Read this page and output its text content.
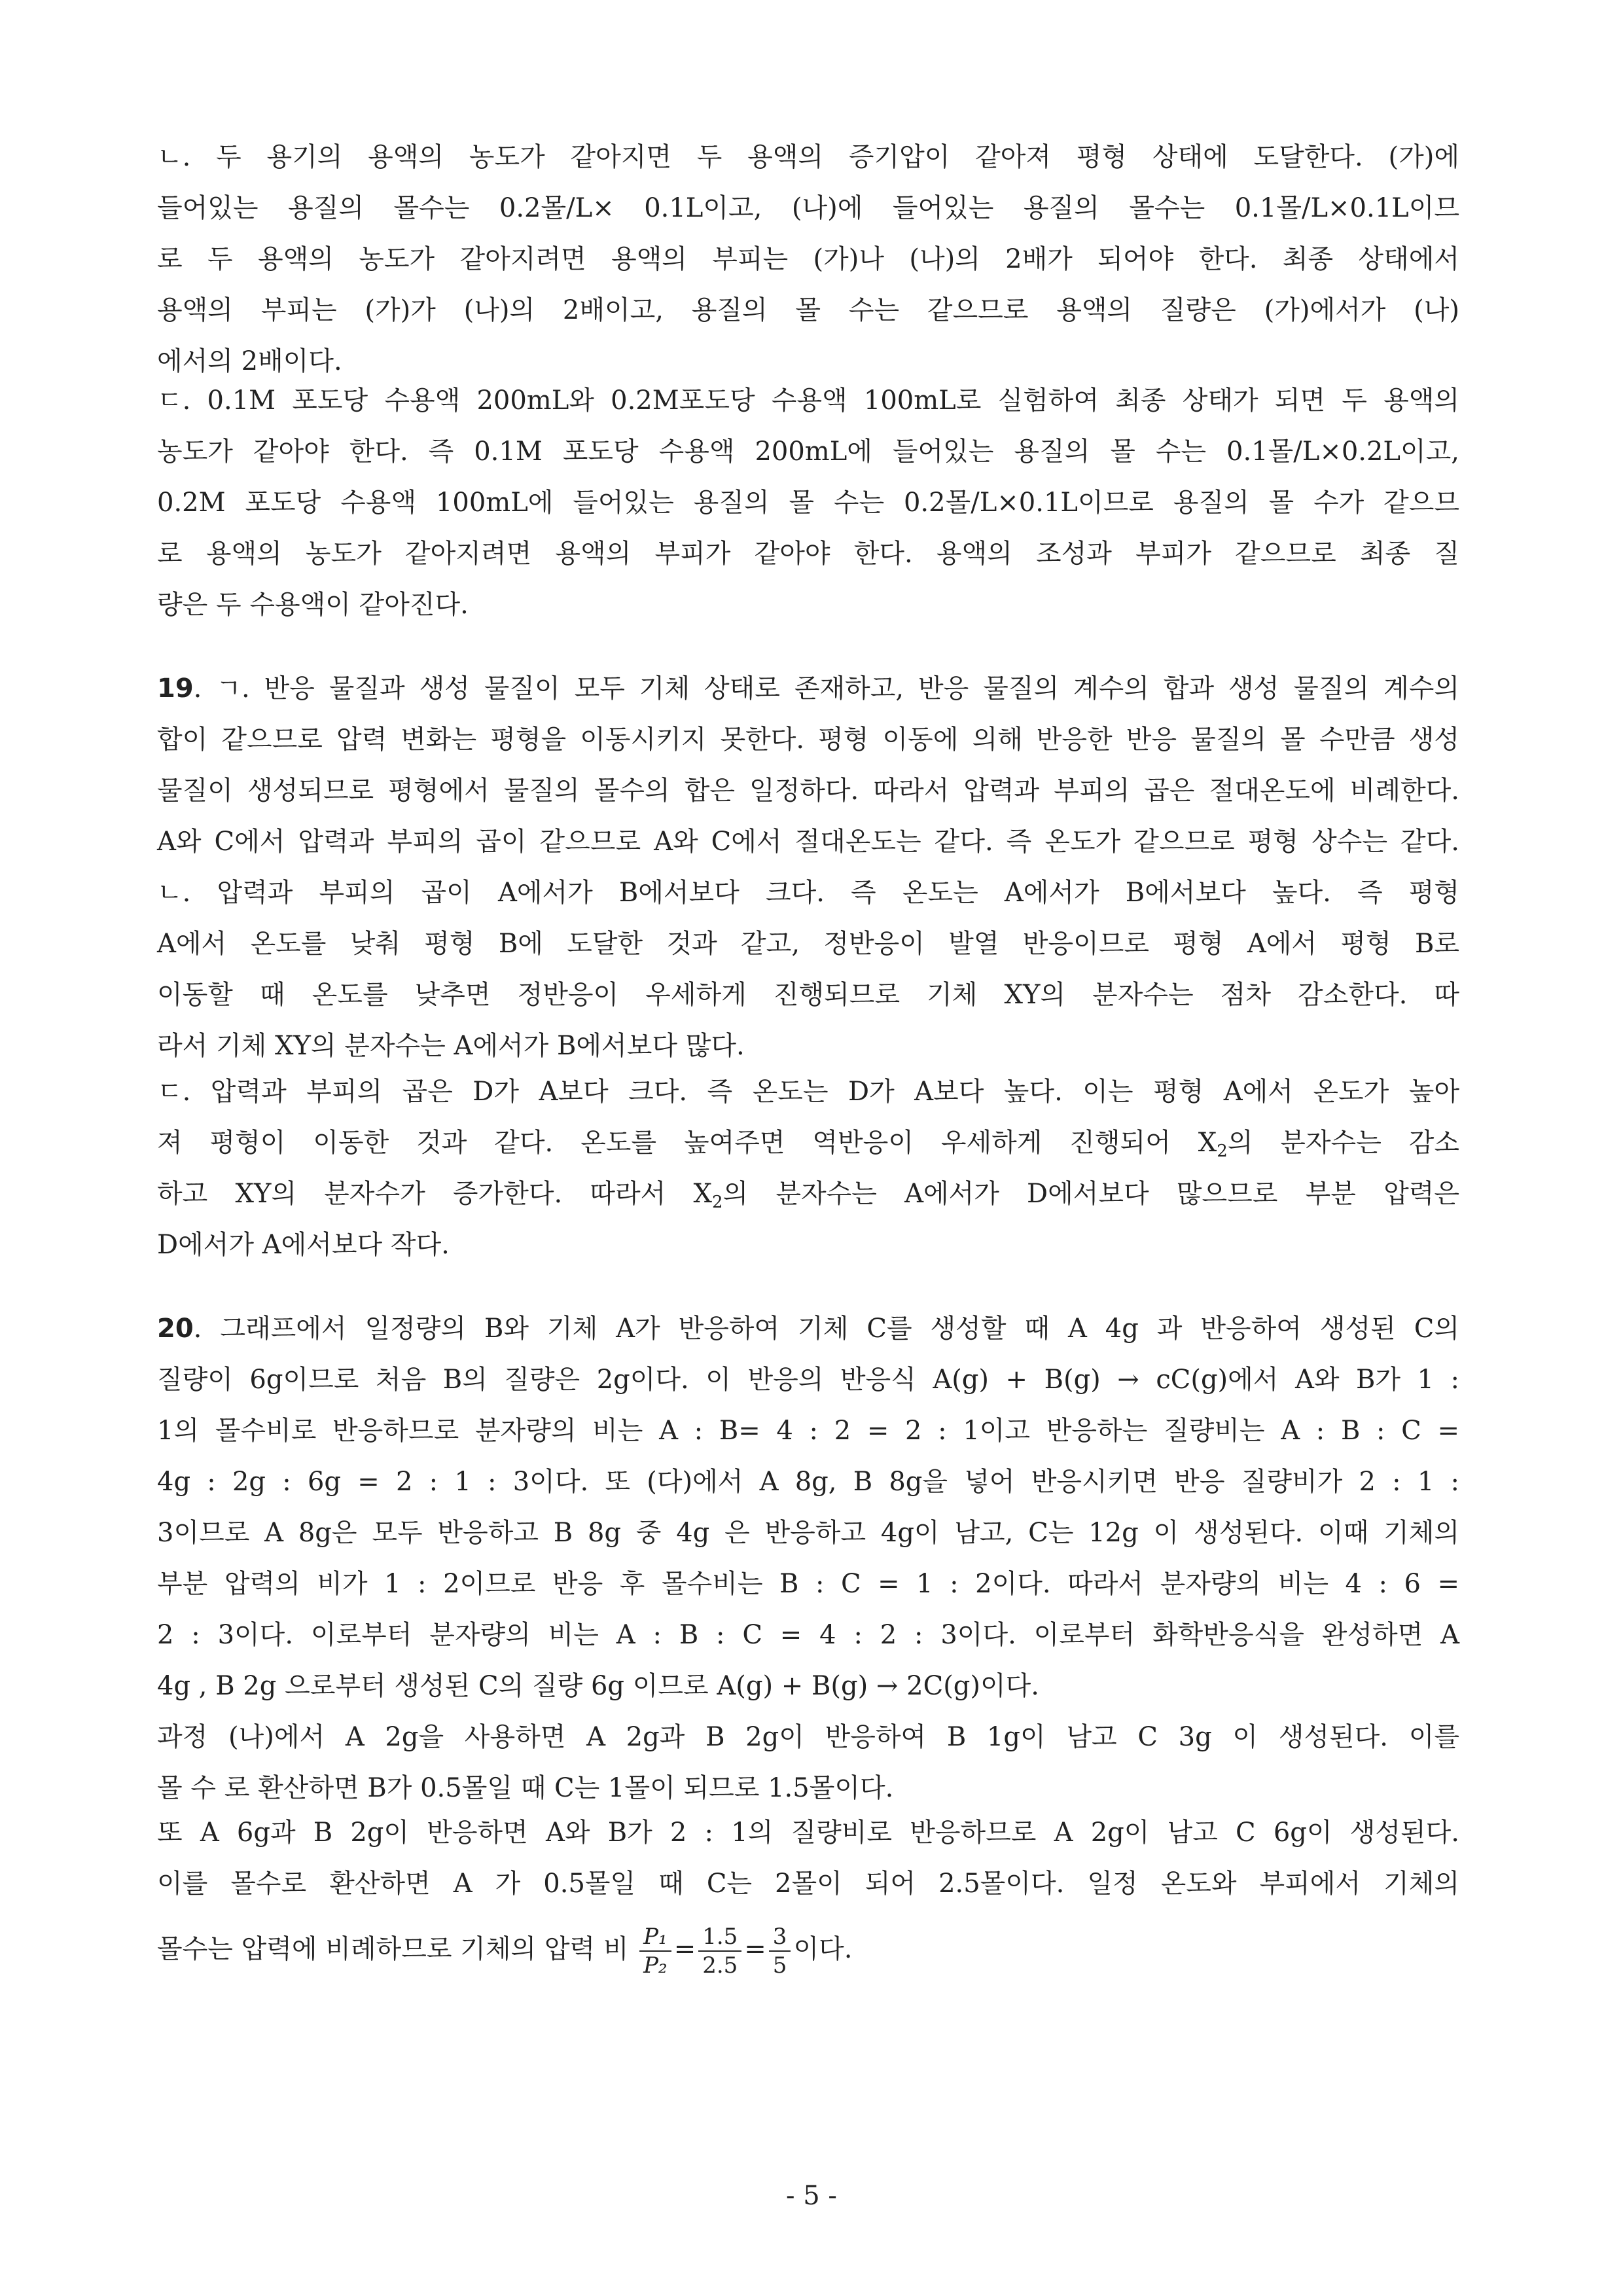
ㄴ. 두 용기의 용액의 농도가 같아지면 두 용액의 증기압이 같아져 평형 상태에 도달한다. (가)에
들어있는 용질의 몰수는 0.2몰/L× 0.1L이고, (나)에 들어있는 용질의 몰수는 0.1몰/L×0.1L이므
로 두 용액의 농도가 같아지려면 용액의 부피는 (가)나 (나)의 2배가 되어야 한다. 최종 상태에서
용액의 부피는 (가)가 (나)의 2배이고, 용질의 몰 수는 같으므로 용액의 질량은 (가)에서가 (나)
에서의 2배이다.
ㄷ. 0.1M 포도당 수용액 200mL와 0.2M포도당 수용액 100mL로 실험하여 최종 상태가 되면 두 용액의
농도가 같아야 한다. 즉 0.1M 포도당 수용액 200mL에 들어있는 용질의 몰 수는 0.1몰/L×0.2L이고,
0.2M 포도당 수용액 100mL에 들어있는 용질의 몰 수는 0.2몰/L×0.1L이므로 용질의 몰 수가 같으므
로 용액의 농도가 같아지려면 용액의 부피가 같아야 한다. 용액의 조성과 부피가 같으므로 최종 질
량은 두 수용액이 같아진다.
19. ㄱ. 반응 물질과 생성 물질이 모두 기체 상태로 존재하고, 반응 물질의 계수의 합과 생성 물질의 계수의
합이 같으므로 압력 변화는 평형을 이동시키지 못한다. 평형 이동에 의해 반응한 반응 물질의 몰 수만큼 생성
물질이 생성되므로 평형에서 물질의 몰수의 합은 일정하다. 따라서 압력과 부피의 곱은 절대온도에 비례한다.
A와 C에서 압력과 부피의 곱이 같으므로 A와 C에서 절대온도는 같다. 즉 온도가 같으므로 평형 상수는 같다.
ㄴ. 압력과 부피의 곱이 A에서가 B에서보다 크다. 즉 온도는 A에서가 B에서보다 높다. 즉 평형
A에서 온도를 낮춰 평형 B에 도달한 것과 같고, 정반응이 발열 반응이므로 평형 A에서 평형 B로
이동할 때 온도를 낮추면 정반응이 우세하게 진행되므로 기체 XY의 분자수는 점차 감소한다. 따
라서 기체 XY의 분자수는 A에서가 B에서보다 많다.
ㄷ. 압력과 부피의 곱은 D가 A보다 크다. 즉 온도는 D가 A보다 높다. 이는 평형 A에서 온도가 높아
져 평형이 이동한 것과 같다. 온도를 높여주면 역반응이 우세하게 진행되어 $X_2$의 분자수는 감소
하고 XY의 분자수가 증가한다. 따라서 $X_2$의 분자수는 A에서가 D에서보다 많으므로 부분 압력은
D에서가 A에서보다 작다.
20. 그래프에서 일정량의 B와 기체 A가 반응하여 기체 C를 생성할 때 A 4g 과 반응하여 생성된 C의
질량이 6g이므로 처음 B의 질량은 2g이다. 이 반응의 반응식 A(g) + B(g) → cC(g)에서 A와 B가 1 :
1의 몰수비로 반응하므로 분자량의 비는 A : B= 4 : 2 = 2 : 1이고 반응하는 질량비는 A : B : C =
4g : 2g : 6g = 2 : 1 : 3이다. 또 (다)에서 A 8g, B 8g을 넣어 반응시키면 반응 질량비가 2 : 1 :
3이므로 A 8g은 모두 반응하고 B 8g 중 4g 은 반응하고 4g이 남고, C는 12g 이 생성된다. 이때 기체의
부분 압력의 비가 1 : 2이므로 반응 후 몰수비는 B : C = 1 : 2이다. 따라서 분자량의 비는 4 : 6 =
2 : 3이다. 이로부터 분자량의 비는 A : B : C = 4 : 2 : 3이다. 이로부터 화학반응식을 완성하면 A
4g , B 2g 으로부터 생성된 C의 질량 6g 이므로 A(g) + B(g) → 2C(g)이다.
과정 (나)에서 A 2g을 사용하면 A 2g과 B 2g이 반응하여 B 1g이 남고 C 3g 이 생성된다. 이를
몰 수 로 환산하면 B가 0.5몰일 때 C는 1몰이 되므로 1.5몰이다.
또 A 6g과 B 2g이 반응하면 A와 B가 2 : 1의 질량비로 반응하므로 A 2g이 남고 C 6g이 생성된다.
이를 몰수로 환산하면 A 가 0.5몰일 때 C는 2몰이 되어 2.5몰이다. 일정 온도와 부피에서 기체의
몰수는 압력에 비례하므로 기체의 압력 비 $\frac{\text{P₁}}{\text{P₂}} = \frac{1.5}{2.5} = \frac{3}{5}$ 이다.
- 5 -
